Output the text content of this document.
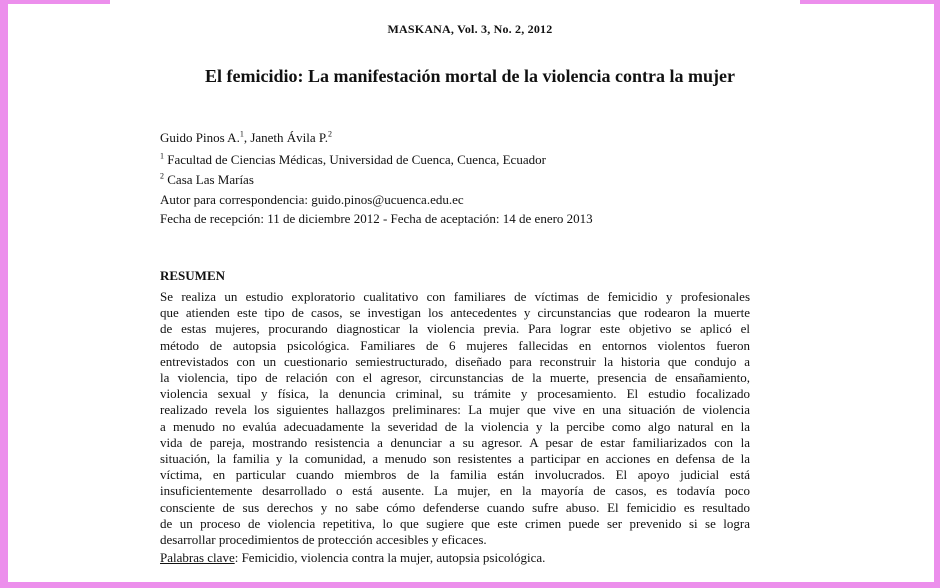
MASKANA, Vol. 3, No. 2, 2012
El femicidio: La manifestación mortal de la violencia contra la mujer
Guido Pinos A.$^1$, Janeth Ávila P.$^2$
$^1$ Facultad de Ciencias Médicas, Universidad de Cuenca, Cuenca, Ecuador
$^2$ Casa Las Marías
Autor para correspondencia: guido.pinos@ucuenca.edu.ec
Fecha de recepción: 11 de diciembre 2012 - Fecha de aceptación: 14 de enero 2013
RESUMEN
Se realiza un estudio exploratorio cualitativo con familiares de víctimas de femicidio y profesionales
que atienden este tipo de casos, se investigan los antecedentes y circunstancias que rodearon la muerte
de estas mujeres, procurando diagnosticar la violencia previa. Para lograr este objetivo se aplicó el
método de autopsia psicológica. Familiares de 6 mujeres fallecidas en entornos violentos fueron
entrevistados con un cuestionario semiestructurado, diseñado para reconstruir la historia que condujo a
la violencia, tipo de relación con el agresor, circunstancias de la muerte, presencia de ensañamiento,
violencia sexual y física, la denuncia criminal, su trámite y procesamiento. El estudio focalizado
realizado revela los siguientes hallazgos preliminares: La mujer que vive en una situación de violencia
a menudo no evalúa adecuadamente la severidad de la violencia y la percibe como algo natural en la
vida de pareja, mostrando resistencia a denunciar a su agresor. A pesar de estar familiarizados con la
situación, la familia y la comunidad, a menudo son resistentes a participar en acciones en defensa de la
víctima, en particular cuando miembros de la familia están involucrados. El apoyo judicial está
insuficientemente desarrollado o está ausente. La mujer, en la mayoría de casos, es todavía poco
consciente de sus derechos y no sabe cómo defenderse cuando sufre abuso. El femicidio es resultado
de un proceso de violencia repetitiva, lo que sugiere que este crimen puede ser prevenido si se logra
desarrollar procedimientos de protección accesibles y eficaces.
Palabras clave: Femicidio, violencia contra la mujer, autopsia psicológica.
